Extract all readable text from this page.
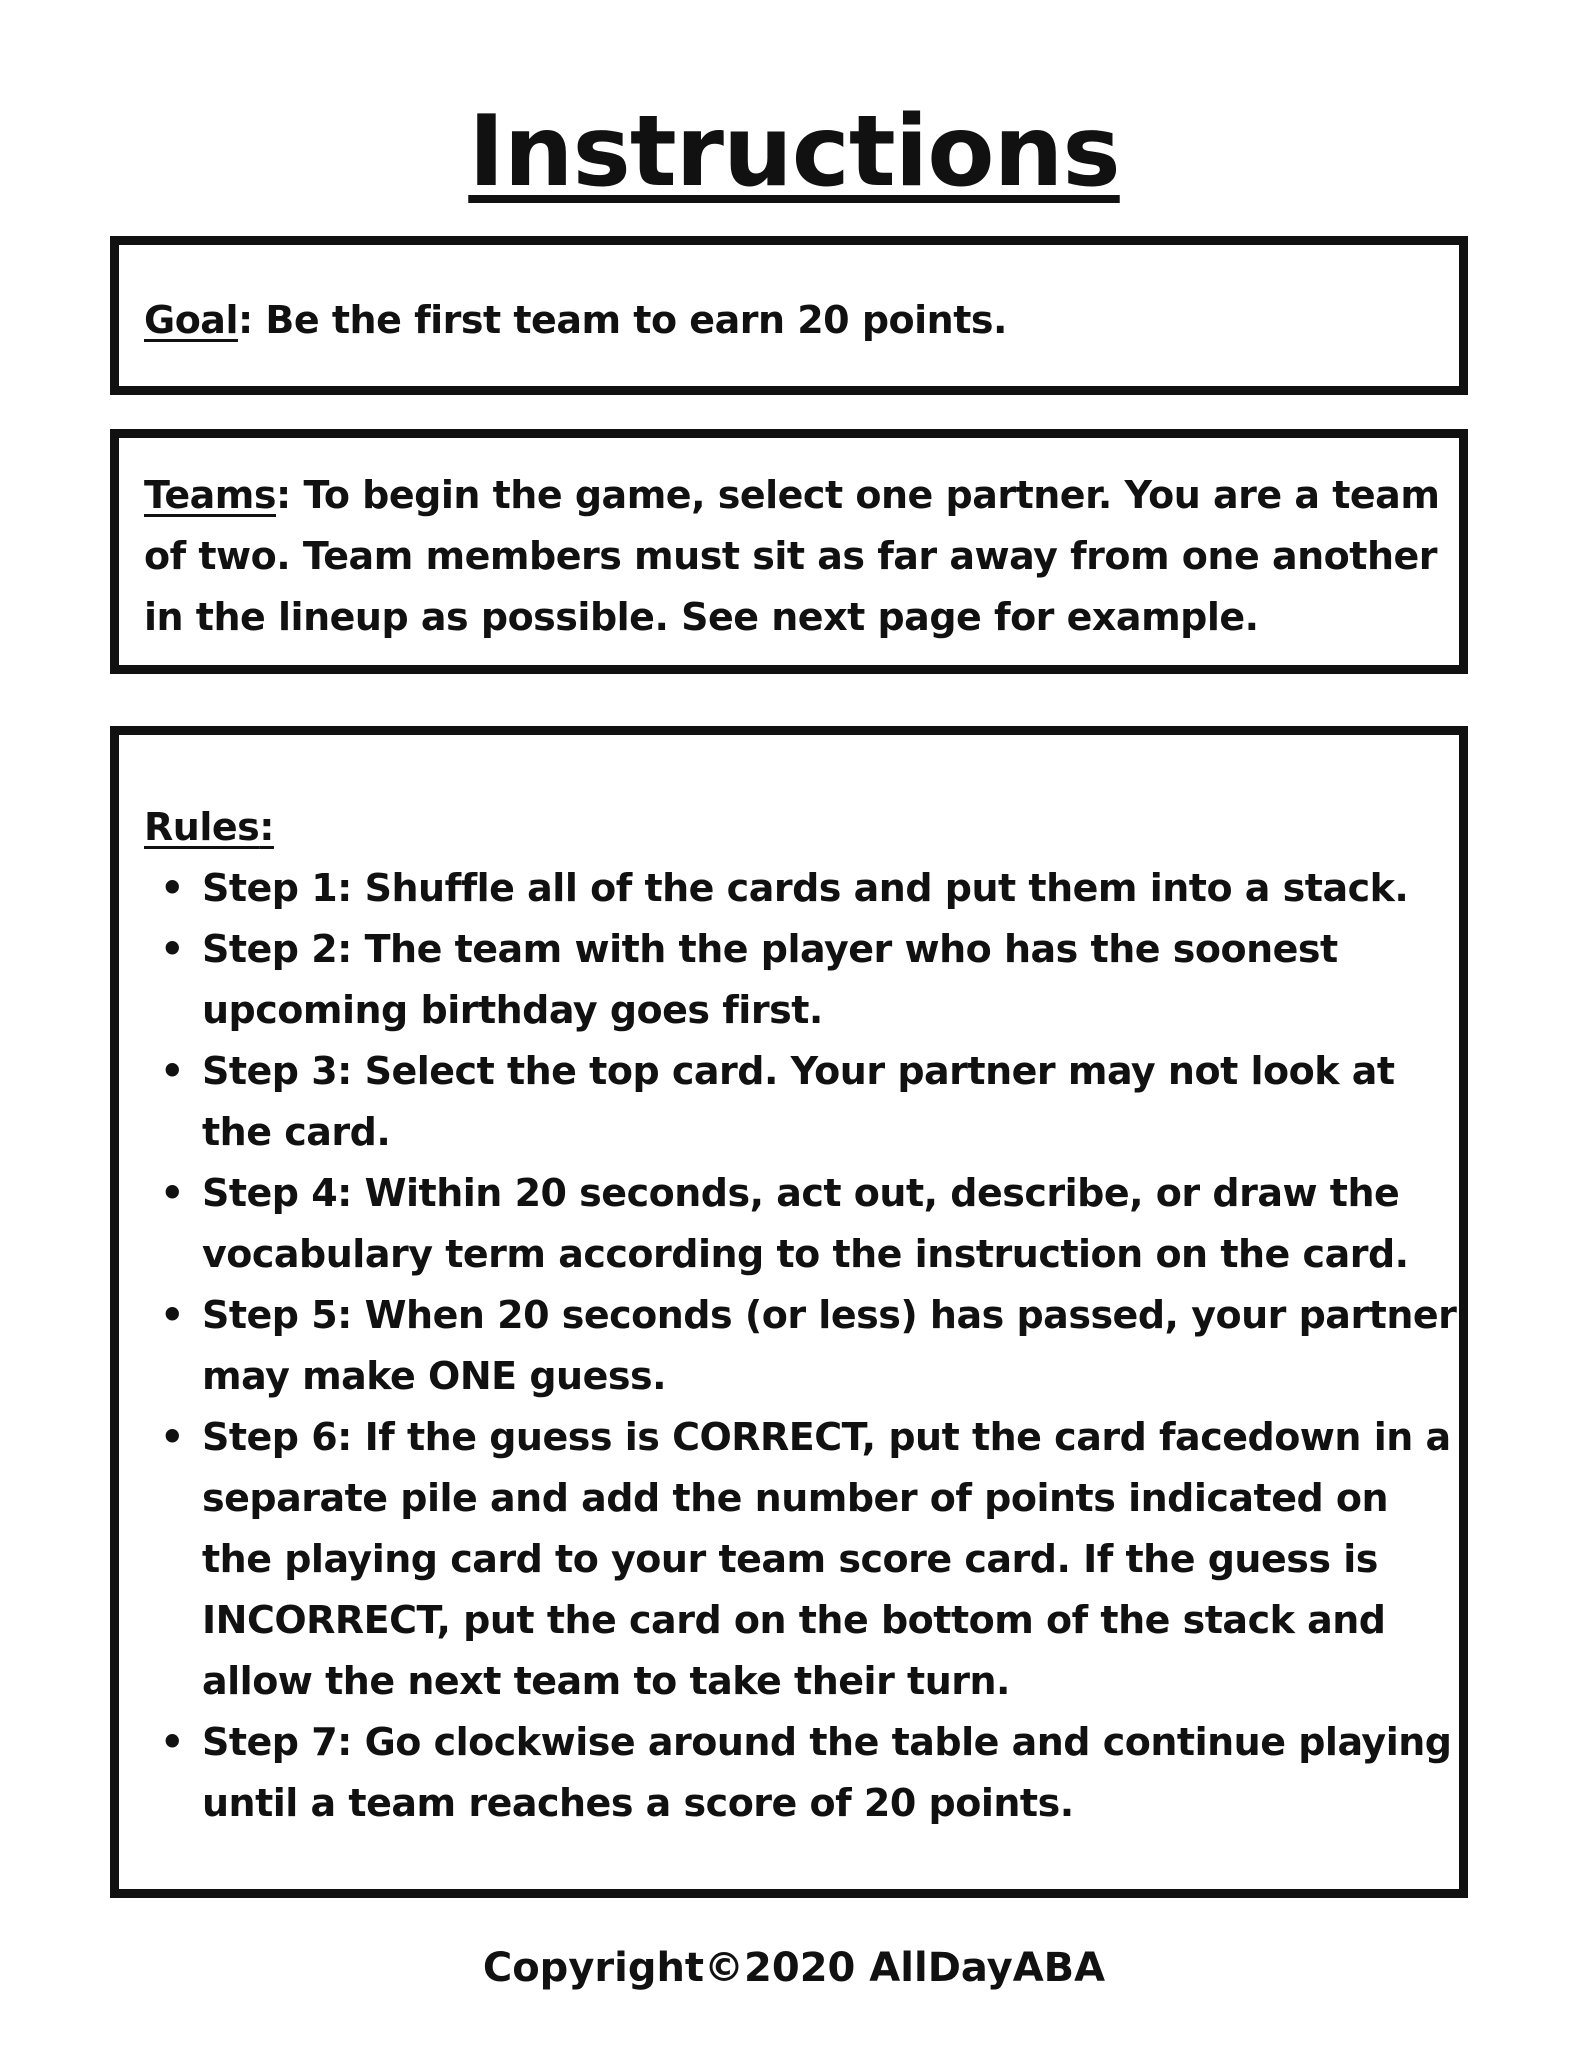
Instructions
Goal: Be the first team to earn 20 points.
Teams: To begin the game, select one partner. You are a team of two. Team members must sit as far away from one another in the lineup as possible. See next page for example.
Rules:
• Step 1: Shuffle all of the cards and put them into a stack.
• Step 2: The team with the player who has the soonest upcoming birthday goes first.
• Step 3: Select the top card. Your partner may not look at the card.
• Step 4: Within 20 seconds, act out, describe, or draw the vocabulary term according to the instruction on the card.
• Step 5: When 20 seconds (or less) has passed, your partner may make ONE guess.
• Step 6: If the guess is CORRECT, put the card facedown in a separate pile and add the number of points indicated on the playing card to your team score card. If the guess is INCORRECT, put the card on the bottom of the stack and allow the next team to take their turn.
• Step 7: Go clockwise around the table and continue playing until a team reaches a score of 20 points.
Copyright©2020 AllDayABA
